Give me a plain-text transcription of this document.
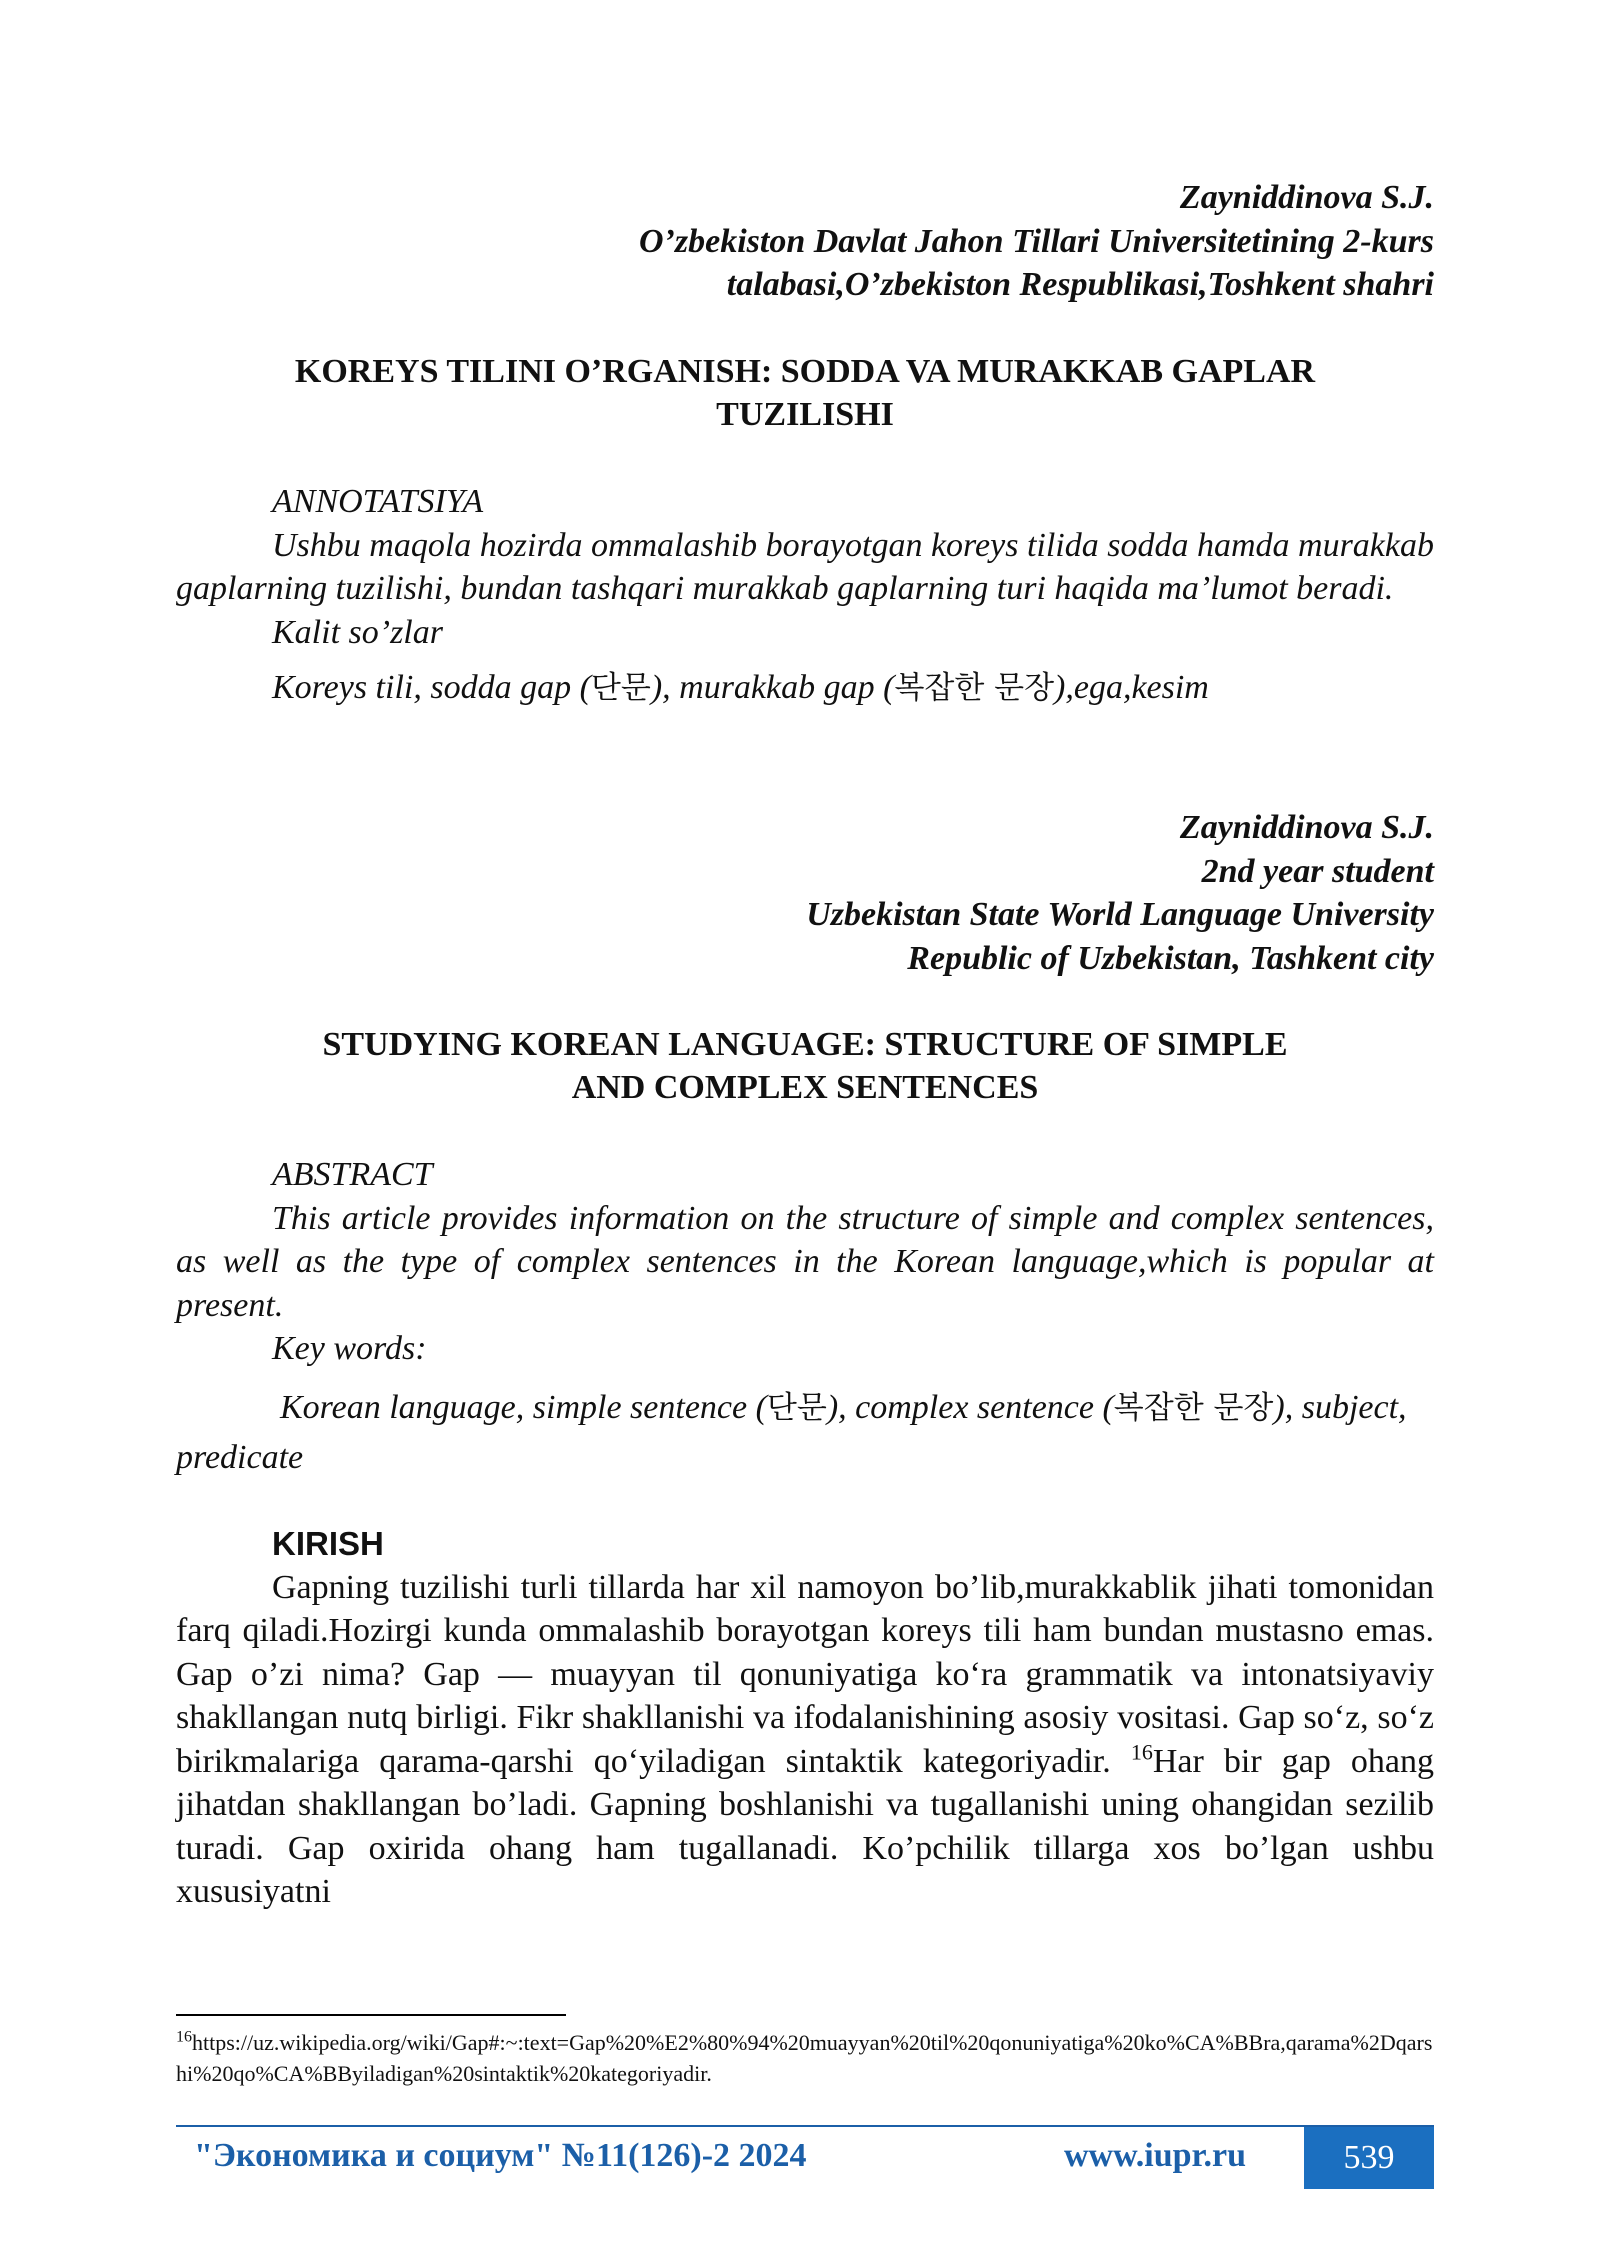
Zayniddinova S.J.

O’zbekiston Davlat Jahon Tillari Universitetining 2-kurs

talabasi,O’zbekiston Respublikasi,Toshkent shahri

KOREYS TILINI O’RGANISH: SODDA VA MURAKKAB GAPLAR

TUZILISHI

ANNOTATSIYA

Ushbu maqola hozirda ommalashib borayotgan koreys tilida sodda hamda murakkab gaplarning tuzilishi, bundan tashqari murakkab gaplarning turi haqida ma’lumot beradi.

Kalit so’zlar

Koreys tili, sodda gap (단문), murakkab gap (복잡한 문장),ega,kesim

Zayniddinova S.J.

2nd year student

Uzbekistan State World Language University

Republic of Uzbekistan, Tashkent city

STUDYING KOREAN LANGUAGE: STRUCTURE OF SIMPLE

AND COMPLEX SENTENCES

ABSTRACT

This article provides information on the structure of simple and complex sentences, as well as the type of complex sentences in the Korean language,which is popular at present.

Key words:

Korean language, simple sentence (단문), complex sentence (복잡한 문장), subject, predicate

KIRISH

Gapning tuzilishi turli tillarda har xil namoyon bo’lib,murakkablik jihati tomonidan farq qiladi.Hozirgi kunda ommalashib borayotgan koreys tili ham bundan mustasno emas. Gap o’zi nima? Gap — muayyan til qonuniyatiga ko‘ra grammatik va intonatsiyaviy shakllangan nutq birligi. Fikr shakllanishi va ifodalanishining asosiy vositasi. Gap so‘z, so‘z birikmalariga qarama-qarshi qo‘yiladigan sintaktik kategoriyadir. $^{16}$Har bir gap ohang jihatdan shakllangan bo’ladi. Gapning boshlanishi va tugallanishi uning ohangidan sezilib turadi. Gap oxirida ohang ham tugallanadi. Ko’pchilik tillarga xos bo’lgan ushbu xususiyatni

$^{16}$https://uz.wikipedia.org/wiki/Gap#:~:text=Gap%20%E2%80%94%20muayyan%20til%20qonuniyatiga%20ko%CA%BBra,qarama%2Dqarshi%20qo%CA%BByiladigan%20sintaktik%20kategoriyadir.

"Экономика и социум" №11(126)-2 2024	www.iupr.ru	539
